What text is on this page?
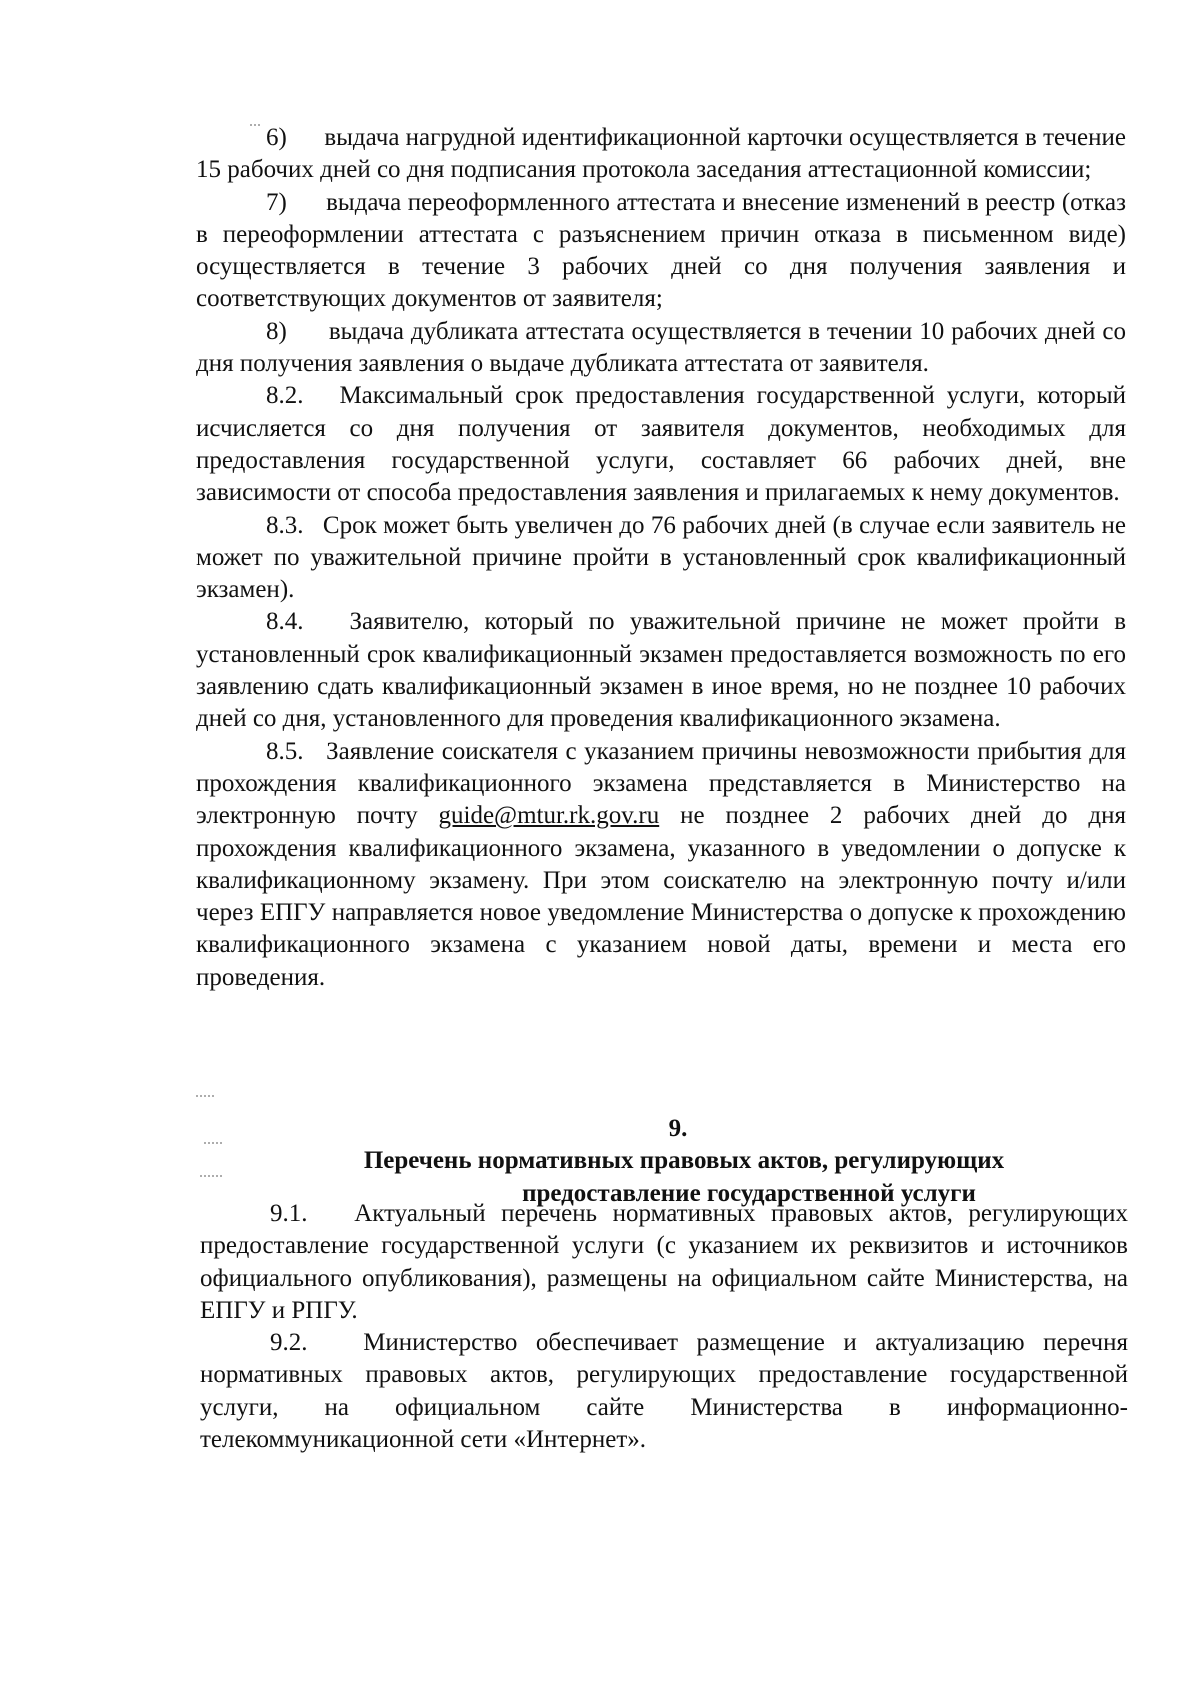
6) выдача нагрудной идентификационной карточки осуществляется в течение 15 рабочих дней со дня подписания протокола заседания аттестационной комиссии;

7) выдача переоформленного аттестата и внесение изменений в реестр (отказ в переоформлении аттестата с разъяснением причин отказа в письменном виде) осуществляется в течение 3 рабочих дней со дня получения заявления и соответствующих документов от заявителя;

8) выдача дубликата аттестата осуществляется в течении 10 рабочих дней со дня получения заявления о выдаче дубликата аттестата от заявителя.

8.2. Максимальный срок предоставления государственной услуги, который исчисляется со дня получения от заявителя документов, необходимых для предоставления государственной услуги, составляет 66 рабочих дней, вне зависимости от способа предоставления заявления и прилагаемых к нему документов.

8.3. Срок может быть увеличен до 76 рабочих дней (в случае если заявитель не может по уважительной причине пройти в установленный срок квалификационный экзамен).

8.4. Заявителю, который по уважительной причине не может пройти в установленный срок квалификационный экзамен предоставляется возможность по его заявлению сдать квалификационный экзамен в иное время, но не позднее 10 рабочих дней со дня, установленного для проведения квалификационного экзамена.

8.5. Заявление соискателя с указанием причины невозможности прибытия для прохождения квалификационного экзамена представляется в Министерство на электронную почту guide@mtur.rk.gov.ru не позднее 2 рабочих дней до дня прохождения квалификационного экзамена, указанного в уведомлении о допуске к квалификационному экзамену. При этом соискателю на электронную почту и/или через ЕПГУ направляется новое уведомление Министерства о допуске к прохождению квалификационного экзамена с указанием новой даты, времени и места его проведения.

9.
Перечень нормативных правовых актов, регулирующих
предоставление государственной услуги

9.1. Актуальный перечень нормативных правовых актов, регулирующих предоставление государственной услуги (с указанием их реквизитов и источников официального опубликования), размещены на официальном сайте Министерства, на ЕПГУ и РПГУ.

9.2. Министерство обеспечивает размещение и актуализацию перечня нормативных правовых актов, регулирующих предоставление государственной услуги, на официальном сайте Министерства в информационно-телекоммуникационной сети «Интернет».
